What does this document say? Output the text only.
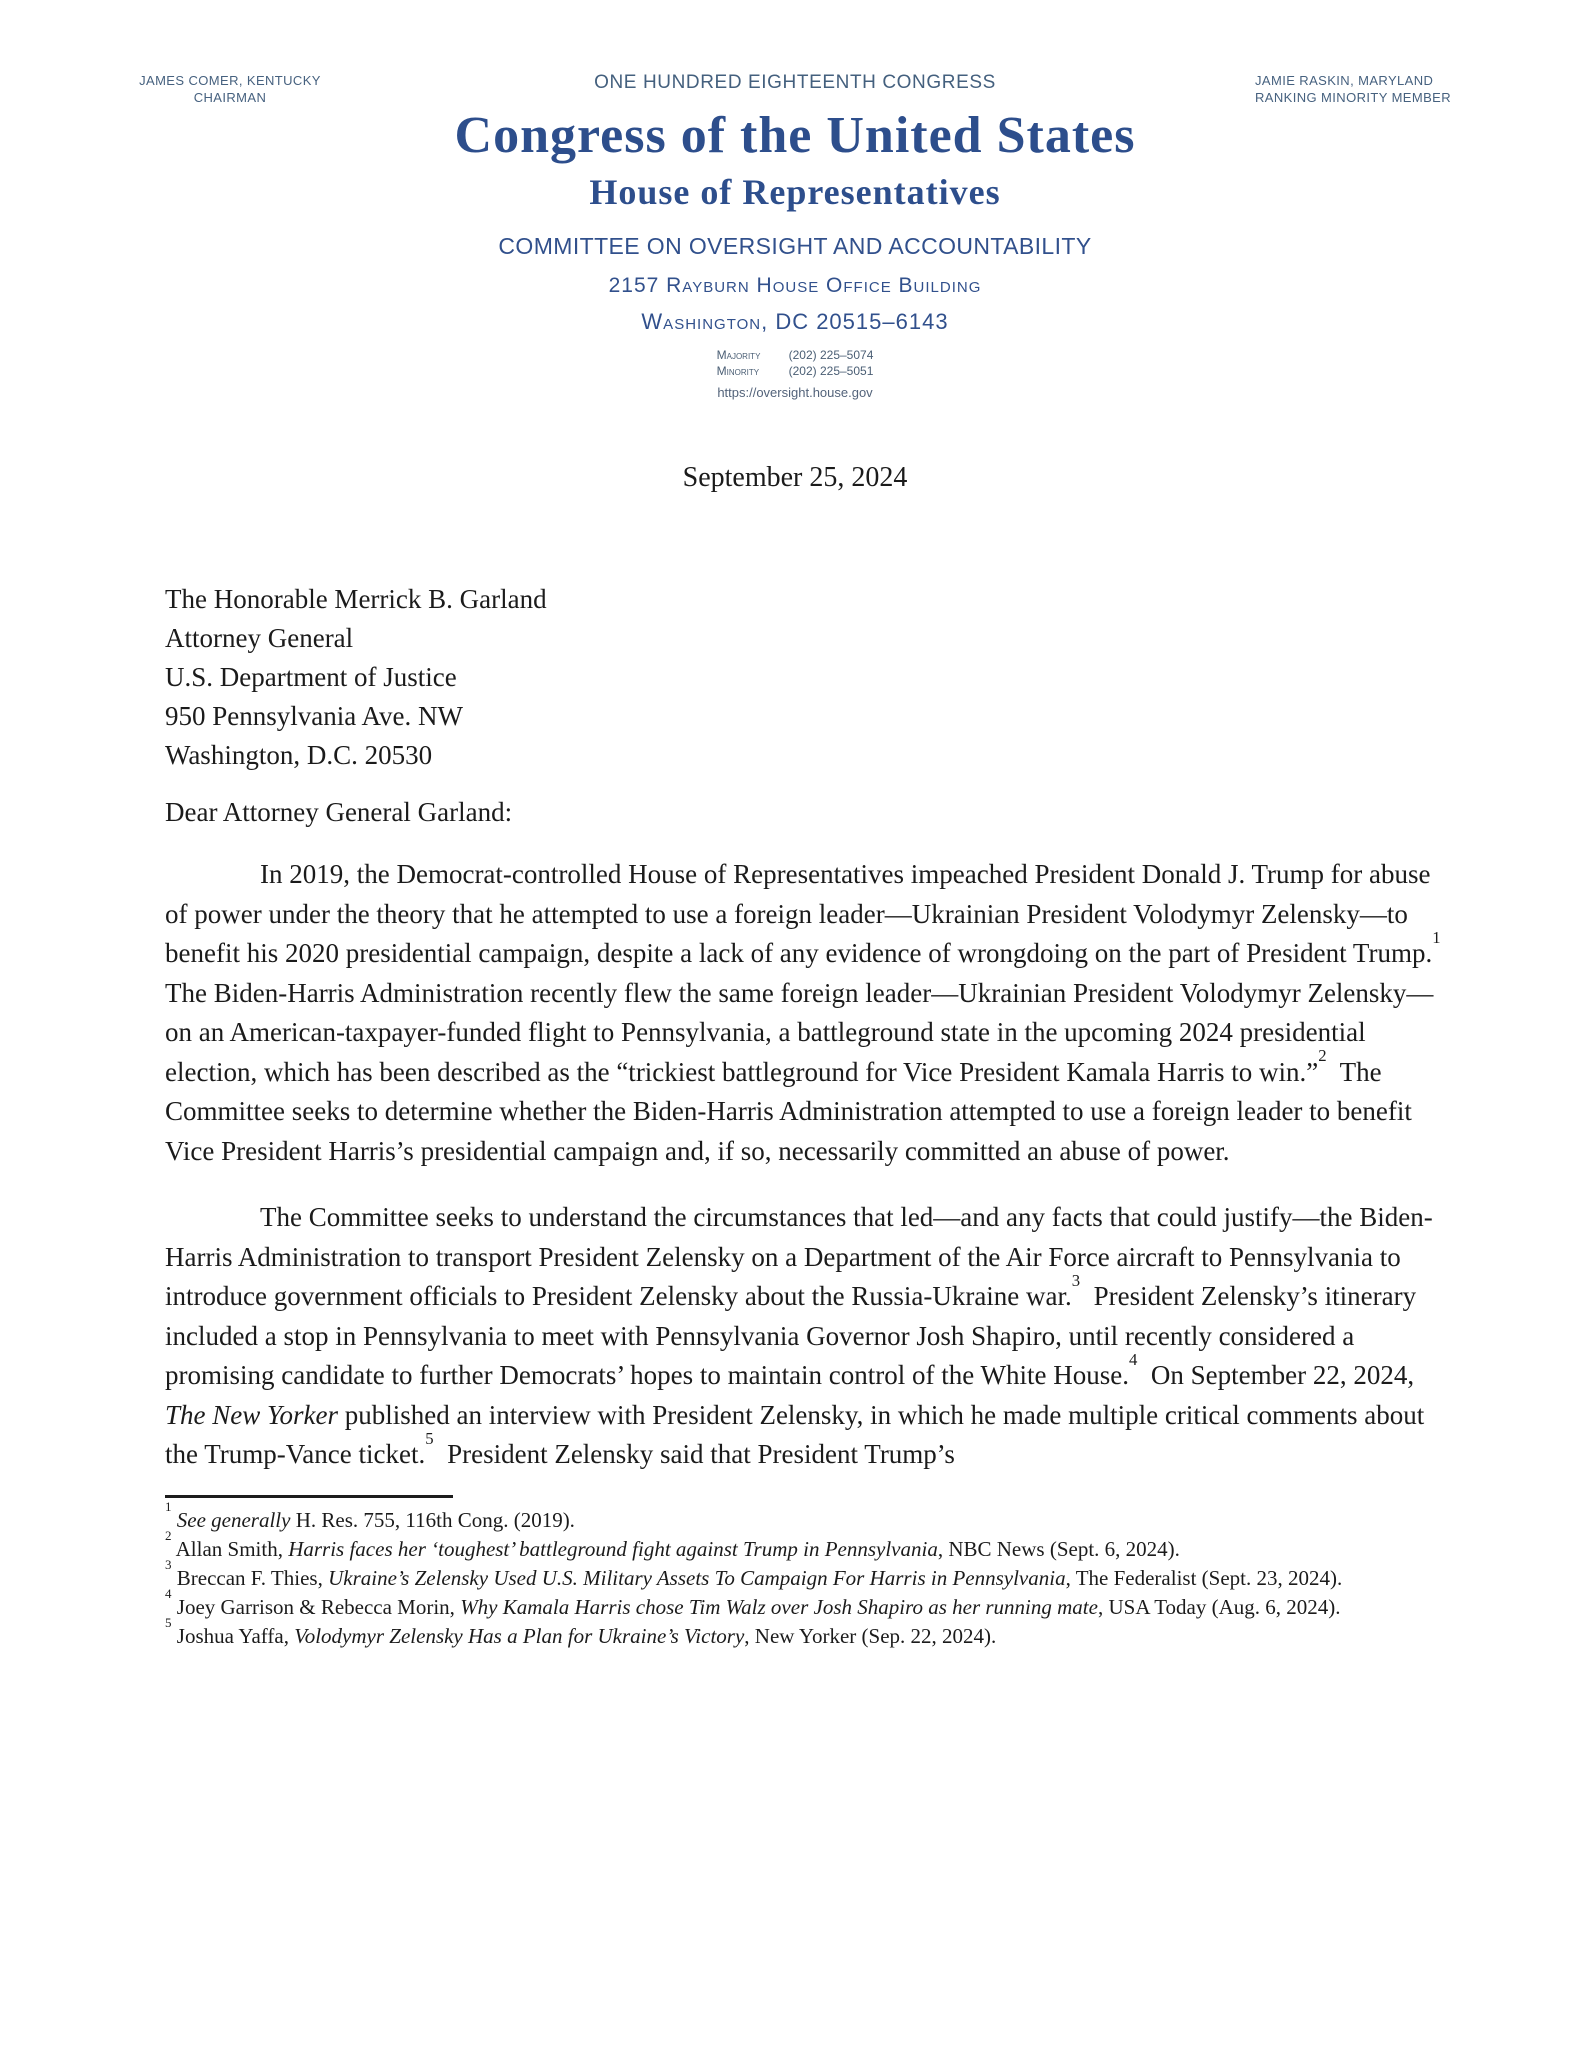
JAMES COMER, KENTUCKY
CHAIRMAN
JAMIE RASKIN, MARYLAND
RANKING MINORITY MEMBER
ONE HUNDRED EIGHTEENTH CONGRESS
Congress of the United States
House of Representatives
COMMITTEE ON OVERSIGHT AND ACCOUNTABILITY
2157 Rayburn House Office Building
Washington, DC 20515–6143
Majority	(202) 225–5074
Minority	(202) 225–5051
https://oversight.house.gov
September 25, 2024
The Honorable Merrick B. Garland
Attorney General
U.S. Department of Justice
950 Pennsylvania Ave. NW
Washington, D.C. 20530
Dear Attorney General Garland:

In 2019, the Democrat-controlled House of Representatives impeached President Donald J. Trump for abuse of power under the theory that he attempted to use a foreign leader—Ukrainian President Volodymyr Zelensky—to benefit his 2020 presidential campaign, despite a lack of any evidence of wrongdoing on the part of President Trump.$^1$  The Biden-Harris Administration recently flew the same foreign leader—Ukrainian President Volodymyr Zelensky—on an American-taxpayer-funded flight to Pennsylvania, a battleground state in the upcoming 2024 presidential election, which has been described as the “trickiest battleground for Vice President Kamala Harris to win.”$^2$  The Committee seeks to determine whether the Biden-Harris Administration attempted to use a foreign leader to benefit Vice President Harris’s presidential campaign and, if so, necessarily committed an abuse of power.

The Committee seeks to understand the circumstances that led—and any facts that could justify—the Biden-Harris Administration to transport President Zelensky on a Department of the Air Force aircraft to Pennsylvania to introduce government officials to President Zelensky about the Russia-Ukraine war.$^3$  President Zelensky’s itinerary included a stop in Pennsylvania to meet with Pennsylvania Governor Josh Shapiro, until recently considered a promising candidate to further Democrats’ hopes to maintain control of the White House.$^4$  On September 22, 2024, The New Yorker published an interview with President Zelensky, in which he made multiple critical comments about the Trump-Vance ticket.$^5$  President Zelensky said that President Trump’s

$^1$ See generally H. Res. 755, 116th Cong. (2019).
$^2$ Allan Smith, Harris faces her ‘toughest’ battleground fight against Trump in Pennsylvania, NBC News (Sept. 6, 2024).
$^3$ Breccan F. Thies, Ukraine’s Zelensky Used U.S. Military Assets To Campaign For Harris in Pennsylvania, The Federalist (Sept. 23, 2024).
$^4$ Joey Garrison & Rebecca Morin, Why Kamala Harris chose Tim Walz over Josh Shapiro as her running mate, USA Today (Aug. 6, 2024).
$^5$ Joshua Yaffa, Volodymyr Zelensky Has a Plan for Ukraine’s Victory, New Yorker (Sep. 22, 2024).
